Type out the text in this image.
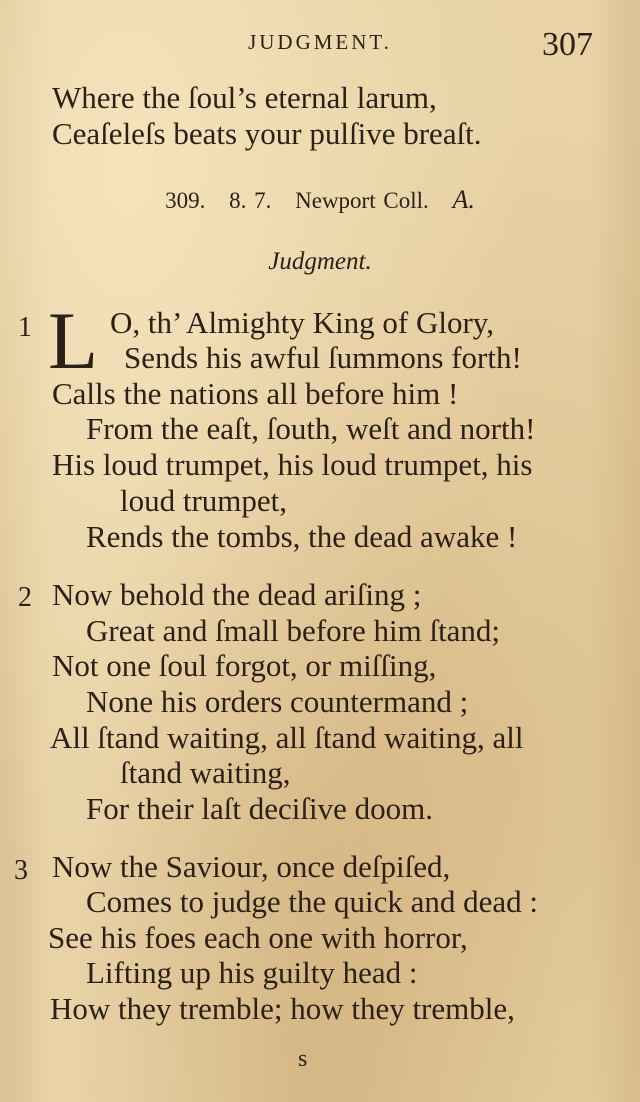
JUDGMENT.	307
Where the ſoul’s eternal larum,
Ceaſeleſs beats your pulſive breaſt.
309. 8. 7. Newport Coll. A.
Judgment.
1 L O, th’ Almighty King of Glory,
Sends his awful ſummons forth!
Calls the nations all before him !
From the eaſt, ſouth, weſt and north!
His loud trumpet, his loud trumpet, his
loud trumpet,
Rends the tombs, the dead awake !
2 Now behold the dead ariſing ;
Great and ſmall before him ſtand;
Not one ſoul forgot, or miſſing,
None his orders countermand ;
All ſtand waiting, all ſtand waiting, all
ſtand waiting,
For their laſt deciſive doom.
3 Now the Saviour, once deſpiſed,
Comes to judge the quick and dead :
See his foes each one with horror,
Lifting up his guilty head :
How they tremble; how they tremble,
s
